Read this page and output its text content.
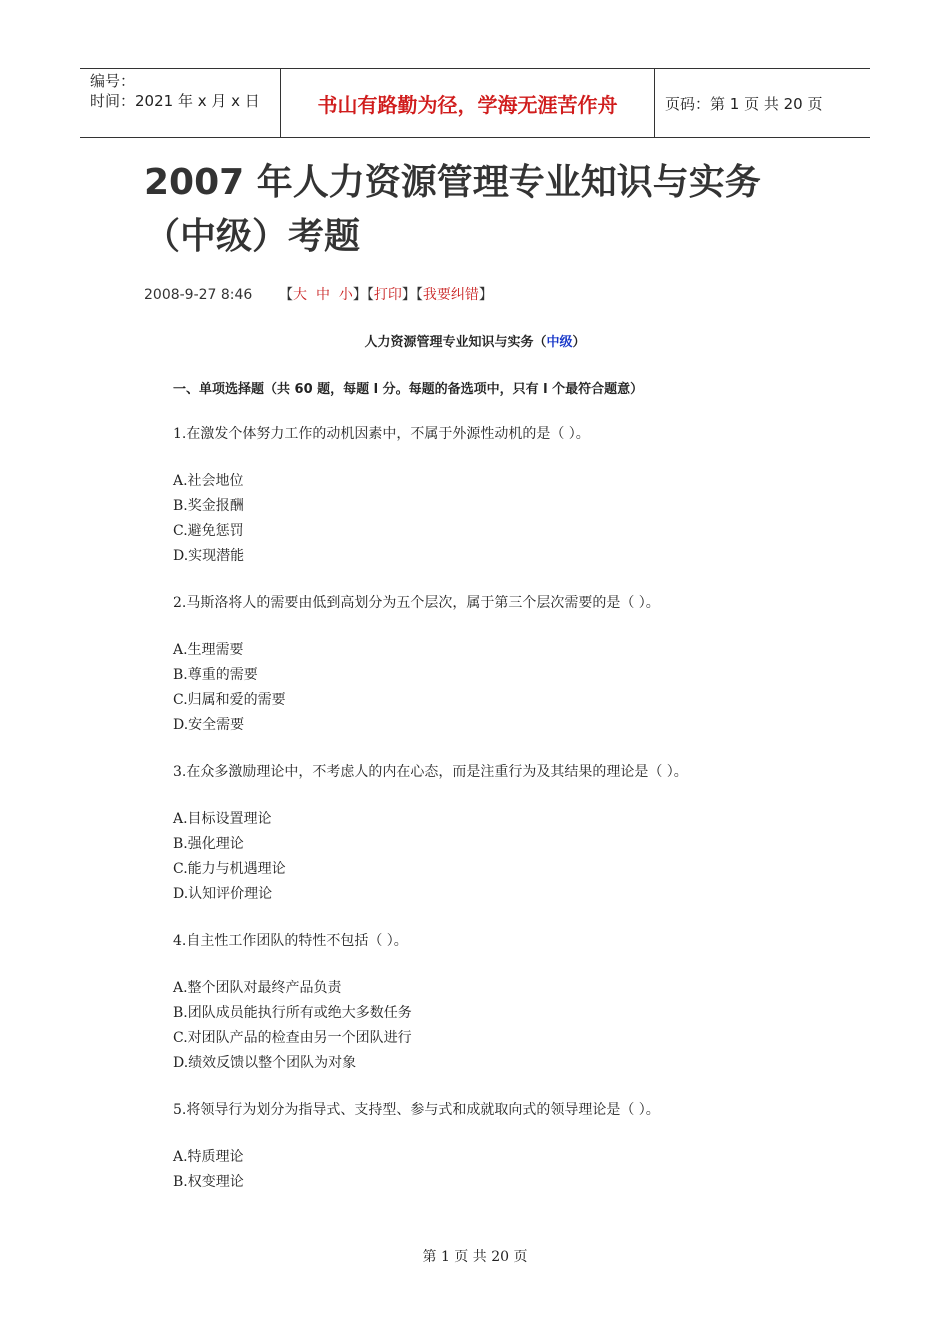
编号：
时间：2021 年 x 月 x 日	书山有路勤为径，学海无涯苦作舟	页码：第 1 页 共 20 页
2007 年人力资源管理专业知识与实务
（中级）考题
2008-9-27 8:46 【大 中 小】【打印】【我要纠错】
人力资源管理专业知识与实务（中级）
一、单项选择题（共 60 题，每题 l 分。每题的备选项中，只有 l 个最符合题意）
1.在激发个体努力工作的动机因素中，不属于外源性动机的是（ ）。
A.社会地位
B.奖金报酬
C.避免惩罚
D.实现潜能
2.马斯洛将人的需要由低到高划分为五个层次，属于第三个层次需要的是（ ）。
A.生理需要
B.尊重的需要
C.归属和爱的需要
D.安全需要
3.在众多激励理论中，不考虑人的内在心态，而是注重行为及其结果的理论是（ ）。
A.目标设置理论
B.强化理论
C.能力与机遇理论
D.认知评价理论
4.自主性工作团队的特性不包括（ ）。
A.整个团队对最终产品负责
B.团队成员能执行所有或绝大多数任务
C.对团队产品的检查由另一个团队进行
D.绩效反馈以整个团队为对象
5.将领导行为划分为指导式、支持型、参与式和成就取向式的领导理论是（ ）。
A.特质理论
B.权变理论
第 1 页 共 20 页
